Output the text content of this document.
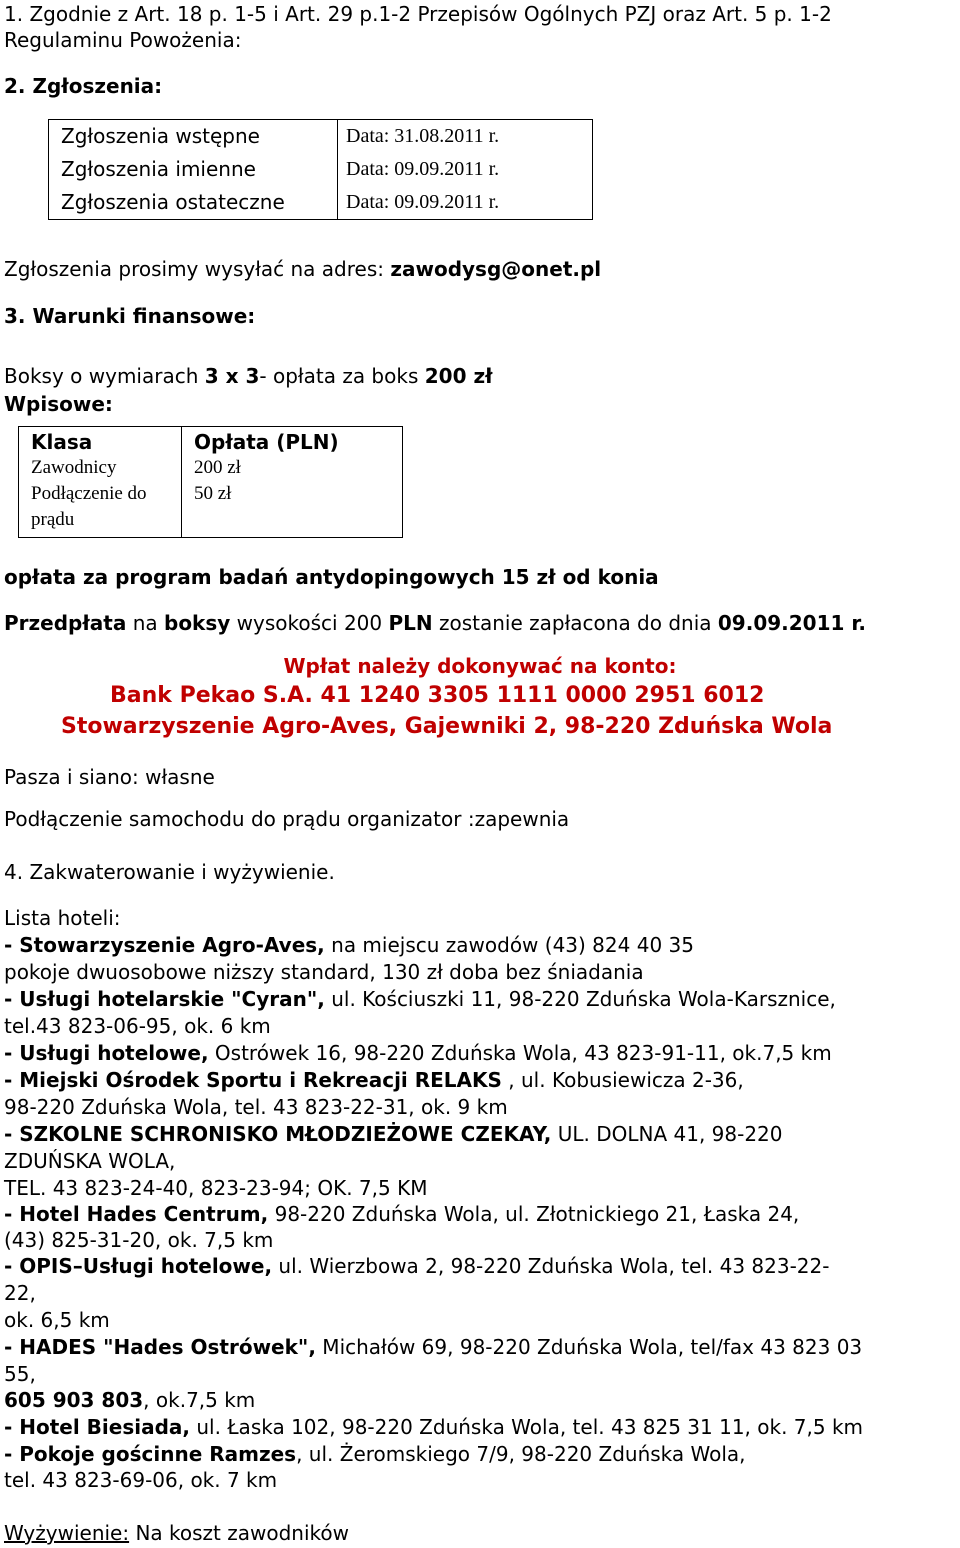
1. Zgodnie z Art. 18 p. 1-5 i Art. 29 p.1-2 Przepisów Ogólnych PZJ oraz Art. 5 p. 1-2
Regulaminu Powożenia:
2. Zgłoszenia:
Zgłoszenia wstępne	Data: 31.08.2011 r.
Zgłoszenia imienne	Data: 09.09.2011 r.
Zgłoszenia ostateczne	Data: 09.09.2011 r.
Zgłoszenia prosimy wysyłać na adres: zawodysg@onet.pl
3. Warunki finansowe:
Boksy o wymiarach 3 x 3- opłata za boks 200 zł
Wpisowe:
Klasa	Opłata (PLN)
Zawodnicy	200 zł
Podłączenie do prądu	50 zł
opłata za program badań antydopingowych 15 zł od konia
Przedpłata na boksy wysokości 200 PLN zostanie zapłacona do dnia 09.09.2011 r.
Wpłat należy dokonywać na konto:
Bank Pekao S.A. 41 1240 3305 1111 0000 2951 6012
Stowarzyszenie Agro-Aves, Gajewniki 2, 98-220 Zduńska Wola
Pasza i siano: własne
Podłączenie samochodu do prądu organizator :zapewnia
4. Zakwaterowanie i wyżywienie.
Lista hoteli:
- Stowarzyszenie Agro-Aves, na miejscu zawodów (43) 824 40 35
pokoje dwuosobowe niższy standard, 130 zł doba bez śniadania
- Usługi hotelarskie "Cyran", ul. Kościuszki 11, 98-220 Zduńska Wola-Karsznice,
tel.43 823-06-95, ok. 6 km
- Usługi hotelowe, Ostrówek 16, 98-220 Zduńska Wola, 43 823-91-11, ok.7,5 km
- Miejski Ośrodek Sportu i Rekreacji RELAKS , ul. Kobusiewicza 2-36,
98-220 Zduńska Wola, tel. 43 823-22-31, ok. 9 km
- SZKOLNE SCHRONISKO MŁODZIEŻOWE CZEKAY, UL. DOLNA 41, 98-220
ZDUŃSKA WOLA,
TEL. 43 823-24-40, 823-23-94; OK. 7,5 KM
- Hotel Hades Centrum, 98-220 Zduńska Wola, ul. Złotnickiego 21, Łaska 24,
(43) 825-31-20, ok. 7,5 km
- OPIS–Usługi hotelowe, ul. Wierzbowa 2, 98-220 Zduńska Wola, tel. 43 823-22-
22,
ok. 6,5 km
- HADES "Hades Ostrówek", Michałów 69, 98-220 Zduńska Wola, tel/fax 43 823 03
55,
605 903 803, ok.7,5 km
- Hotel Biesiada, ul. Łaska 102, 98-220 Zduńska Wola, tel. 43 825 31 11, ok. 7,5 km
- Pokoje gościnne Ramzes, ul. Żeromskiego 7/9, 98-220 Zduńska Wola,
tel. 43 823-69-06, ok. 7 km
Wyżywienie: Na koszt zawodników
